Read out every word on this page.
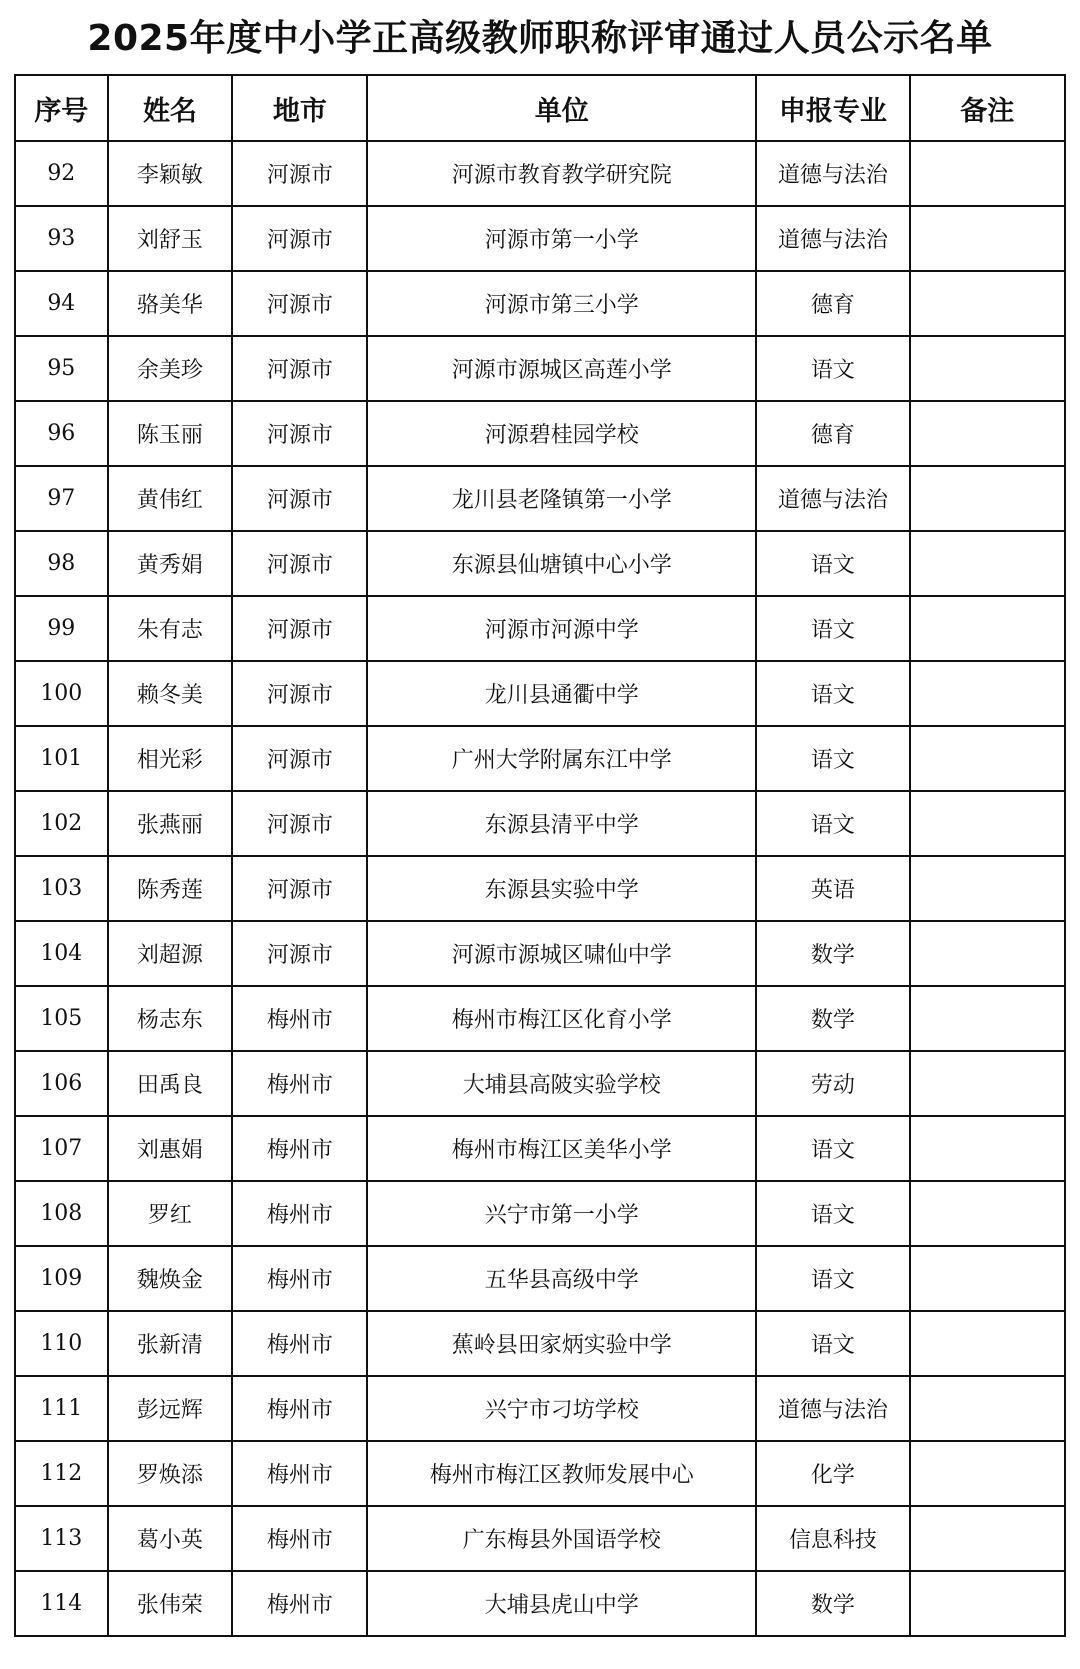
2025年度中小学正高级教师职称评审通过人员公示名单
序号	姓名	地市	单位	申报专业	备注
92	李颖敏	河源市	河源市教育教学研究院	道德与法治	
93	刘舒玉	河源市	河源市第一小学	道德与法治	
94	骆美华	河源市	河源市第三小学	德育	
95	余美珍	河源市	河源市源城区高莲小学	语文	
96	陈玉丽	河源市	河源碧桂园学校	德育	
97	黄伟红	河源市	龙川县老隆镇第一小学	道德与法治	
98	黄秀娟	河源市	东源县仙塘镇中心小学	语文	
99	朱有志	河源市	河源市河源中学	语文	
100	赖冬美	河源市	龙川县通衢中学	语文	
101	相光彩	河源市	广州大学附属东江中学	语文	
102	张燕丽	河源市	东源县清平中学	语文	
103	陈秀莲	河源市	东源县实验中学	英语	
104	刘超源	河源市	河源市源城区啸仙中学	数学	
105	杨志东	梅州市	梅州市梅江区化育小学	数学	
106	田禹良	梅州市	大埔县高陂实验学校	劳动	
107	刘惠娟	梅州市	梅州市梅江区美华小学	语文	
108	罗红	梅州市	兴宁市第一小学	语文	
109	魏焕金	梅州市	五华县高级中学	语文	
110	张新清	梅州市	蕉岭县田家炳实验中学	语文	
111	彭远辉	梅州市	兴宁市刁坊学校	道德与法治	
112	罗焕添	梅州市	梅州市梅江区教师发展中心	化学	
113	葛小英	梅州市	广东梅县外国语学校	信息科技	
114	张伟荣	梅州市	大埔县虎山中学	数学	
